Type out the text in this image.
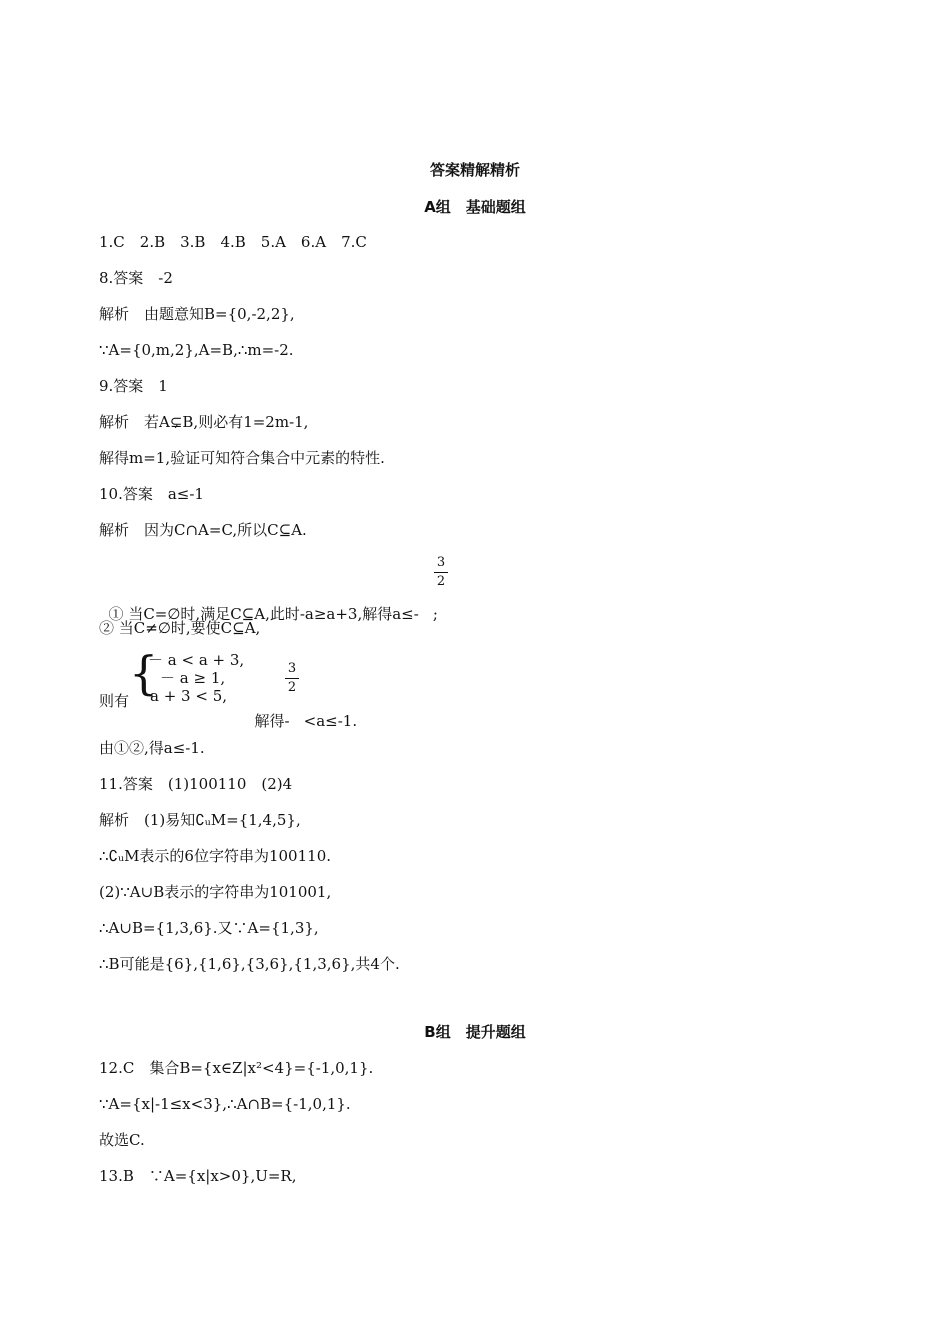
答案精解精析
A组　基础题组
1.C　2.B　3.B　4.B　5.A　6.A　7.C
8.答案　-2
解析　由题意知B={0,-2,2},
∵A={0,m,2},A=B,∴m=-2.
9.答案　1
解析　若A⊊B,则必有1=2m-1,
解得m=1,验证可知符合集合中元素的特性.
10.答案　a≤-1
解析　因为C∩A=C,所以C⊆A.

① 当C=∅时,满足C⊆A,此时-a≥a+3,解得a≤- ;

3
2
② 当C≠∅时,要使C⊆A,
则有
{
－ a < a + 3,
－ a ≥ 1,
a + 3 < 5,

解得- <a≤-1.

3
2
由①②,得a≤-1.
11.答案　(1)100110　(2)4
解析　(1)易知∁ᵤM={1,4,5},
∴∁ᵤM表示的6位字符串为100110.
(2)∵A∪B表示的字符串为101001,
∴A∪B={1,3,6}.又∵A={1,3},
∴B可能是{6},{1,6},{3,6},{1,3,6},共4个.
B组　提升题组
12.C　集合B={x∈Z|x²<4}={-1,0,1}.
∵A={x|-1≤x<3},∴A∩B={-1,0,1}.
故选C.
13.B　∵A={x|x>0},U=R,
